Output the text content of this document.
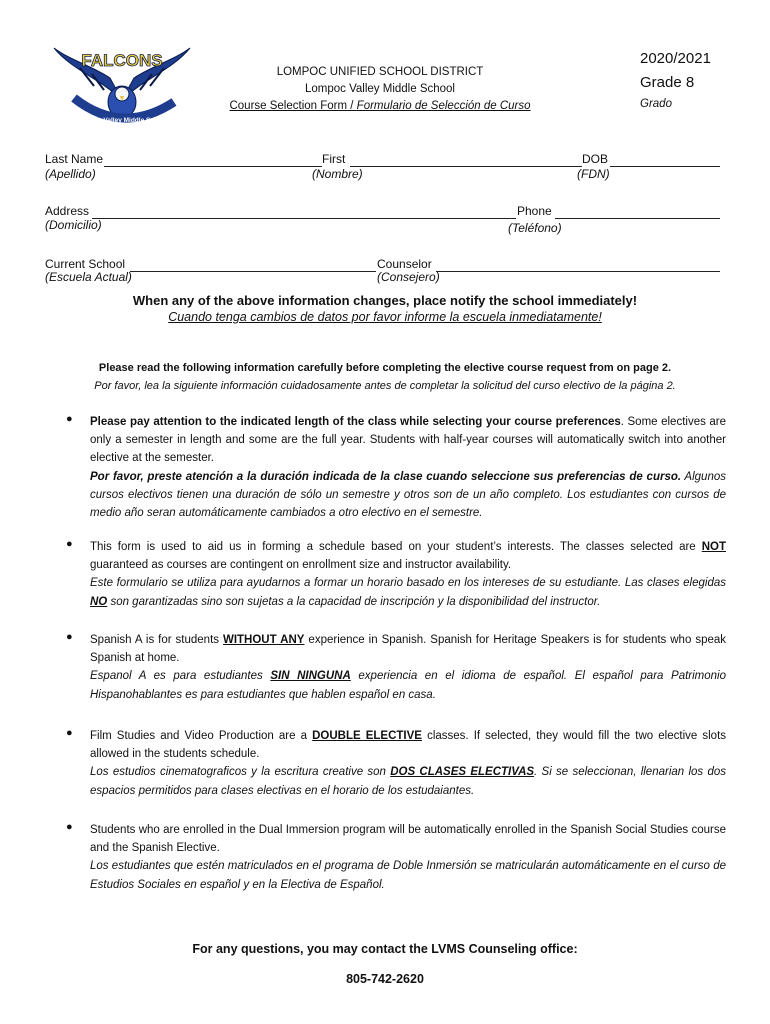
FALCONS
Lompoc Valley Middle School
LOMPOC UNIFIED SCHOOL DISTRICT
Lompoc Valley Middle School
Course Selection Form / Formulario de Selección de Curso
2020/2021
Grade 8
Grado
Last Name
(Apellido)
First
(Nombre)
DOB
(FDN)
Address
(Domicilio)
Phone
(Teléfono)
Current School
(Escuela Actual)
Counselor
(Consejero)
When any of the above information changes, place notify the school immediately!
Cuando tenga cambios de datos por favor informe la escuela inmediatamente!
Please read the following information carefully before completing the elective course request from on page 2.
Por favor, lea la siguiente información cuidadosamente antes de completar la solicitud del curso electivo de la página 2.
● Please pay attention to the indicated length of the class while selecting your course preferences. Some electives are only a semester in length and some are the full year. Students with half-year courses will automatically switch into another elective at the semester.
Por favor, preste atención a la duración indicada de la clase cuando seleccione sus preferencias de curso. Algunos cursos electivos tienen una duración de sólo un semestre y otros son de un año completo. Los estudiantes con cursos de medio año seran automáticamente cambiados a otro electivo en el semestre.
● This form is used to aid us in forming a schedule based on your student’s interests. The classes selected are NOT guaranteed as courses are contingent on enrollment size and instructor availability.
Este formulario se utiliza para ayudarnos a formar un horario basado en los intereses de su estudiante. Las clases elegidas NO son garantizadas sino son sujetas a la capacidad de inscripción y la disponibilidad del instructor.
● Spanish A is for students WITHOUT ANY experience in Spanish. Spanish for Heritage Speakers is for students who speak Spanish at home.
Espanol A es para estudiantes SIN NINGUNA experiencia en el idioma de español. El español para Patrimonio Hispanohablantes es para estudiantes que hablen español en casa.
● Film Studies and Video Production are a DOUBLE ELECTIVE classes. If selected, they would fill the two elective slots allowed in the students schedule.
Los estudios cinematograficos y la escritura creative son DOS CLASES ELECTIVAS. Si se seleccionan, llenarian los dos espacios permitidos para clases electivas en el horario de los estudaiantes.
● Students who are enrolled in the Dual Immersion program will be automatically enrolled in the Spanish Social Studies course and the Spanish Elective.
Los estudiantes que estén matriculados en el programa de Doble Inmersión se matricularán automáticamente en el curso de Estudios Sociales en español y en la Electiva de Español.
For any questions, you may contact the LVMS Counseling office:
805-742-2620
